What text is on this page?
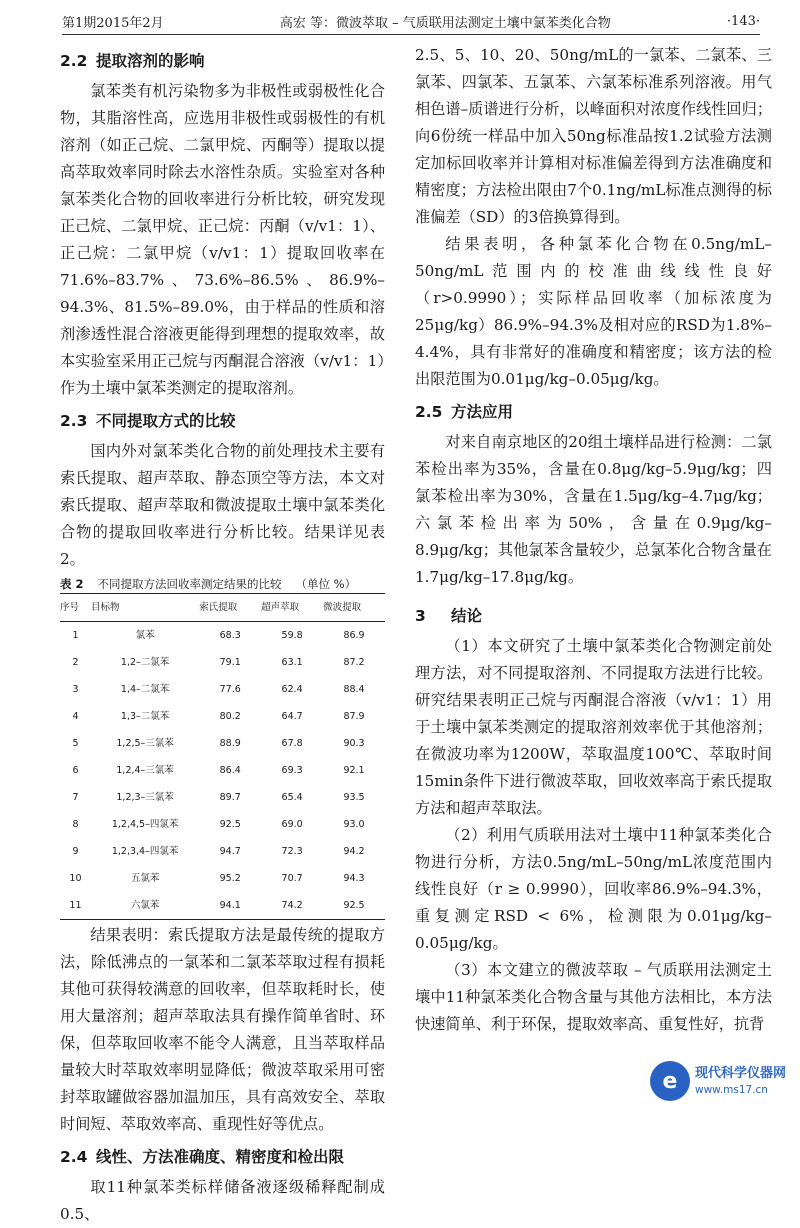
第1期2015年2月	高宏 等：微波萃取 – 气质联用法测定土壤中氯苯类化合物	·143·
2.2 提取溶剂的影响

氯苯类有机污染物多为非极性或弱极性化合物，其脂溶性高，应选用非极性或弱极性的有机溶剂（如正己烷、二氯甲烷、丙酮等）提取以提高萃取效率同时除去水溶性杂质。实验室对各种氯苯类化合物的回收率进行分析比较，研究发现正己烷、二氯甲烷、正己烷：丙酮（v/v1：1）、正己烷：二氯甲烷（v/v1：1）提取回收率在71.6%–83.7%、73.6%–86.5%、86.9%–94.3%、81.5%–89.0%，由于样品的性质和溶剂渗透性混合溶液更能得到理想的提取效率，故本实验室采用正己烷与丙酮混合溶液（v/v1：1）作为土壤中氯苯类测定的提取溶剂。

2.3 不同提取方式的比较

国内外对氯苯类化合物的前处理技术主要有索氏提取、超声萃取、静态顶空等方法，本文对索氏提取、超声萃取和微波提取土壤中氯苯类化合物的提取回收率进行分析比较。结果详见表2。

表 2 不同提取方法回收率测定结果的比较 （单位 %）
序号	目标物	索氏提取	超声萃取	微波提取
1	氯苯	68.3	59.8	86.9
2	1,2–二氯苯	79.1	63.1	87.2
3	1,4–二氯苯	77.6	62.4	88.4
4	1,3–二氯苯	80.2	64.7	87.9
5	1,2,5–三氯苯	88.9	67.8	90.3
6	1,2,4–三氯苯	86.4	69.3	92.1
7	1,2,3–三氯苯	89.7	65.4	93.5
8	1,2,4,5–四氯苯	92.5	69.0	93.0
9	1,2,3,4–四氯苯	94.7	72.3	94.2
10	五氯苯	95.2	70.7	94.3
11	六氯苯	94.1	74.2	92.5

结果表明：索氏提取方法是最传统的提取方法，除低沸点的一氯苯和二氯苯萃取过程有损耗其他可获得较满意的回收率，但萃取耗时长，使用大量溶剂；超声萃取法具有操作简单省时、环保，但萃取回收率不能令人满意，且当萃取样品量较大时萃取效率明显降低；微波萃取采用可密封萃取罐做容器加温加压，具有高效安全、萃取时间短、萃取效率高、重现性好等优点。

2.4 线性、方法准确度、精密度和检出限

取11种氯苯类标样储备液逐级稀释配制成0.5、

2.5、5、10、20、50ng/mL的一氯苯、二氯苯、三氯苯、四氯苯、五氯苯、六氯苯标准系列溶液。用气相色谱–质谱进行分析，以峰面积对浓度作线性回归；向6份统一样品中加入50ng标准品按1.2试验方法测定加标回收率并计算相对标准偏差得到方法准确度和精密度；方法检出限由7个0.1ng/mL标准点测得的标准偏差（SD）的3倍换算得到。

结果表明，各种氯苯化合物在0.5ng/mL–50ng/mL范围内的校准曲线线性良好（r>0.9990）；实际样品回收率（加标浓度为25μg/kg）86.9%–94.3%及相对应的RSD为1.8%–4.4%，具有非常好的准确度和精密度；该方法的检出限范围为0.01μg/kg–0.05μg/kg。

2.5 方法应用

对来自南京地区的20组土壤样品进行检测：二氯苯检出率为35%，含量在0.8μg/kg–5.9μg/kg；四氯苯检出率为30%，含量在1.5μg/kg–4.7μg/kg；六氯苯检出率为50%，含量在0.9μg/kg–8.9μg/kg；其他氯苯含量较少，总氯苯化合物含量在1.7μg/kg–17.8μg/kg。

3 结论

（1）本文研究了土壤中氯苯类化合物测定前处理方法，对不同提取溶剂、不同提取方法进行比较。研究结果表明正己烷与丙酮混合溶液（v/v1：1）用于土壤中氯苯类测定的提取溶剂效率优于其他溶剂；在微波功率为1200W，萃取温度100℃、萃取时间15min条件下进行微波萃取，回收效率高于索氏提取方法和超声萃取法。

（2）利用气质联用法对土壤中11种氯苯类化合物进行分析，方法0.5ng/mL–50ng/mL浓度范围内线性良好（r ≥ 0.9990），回收率86.9%–94.3%，重复测定RSD < 6%，检测限为0.01μg/kg–0.05μg/kg。

（3）本文建立的微波萃取 – 气质联用法测定土壤中11种氯苯类化合物含量与其他方法相比，本方法快速简单、利于环保，提取效率高、重复性好，抗背

e	现代科学仪器网
www.ms17.cn
